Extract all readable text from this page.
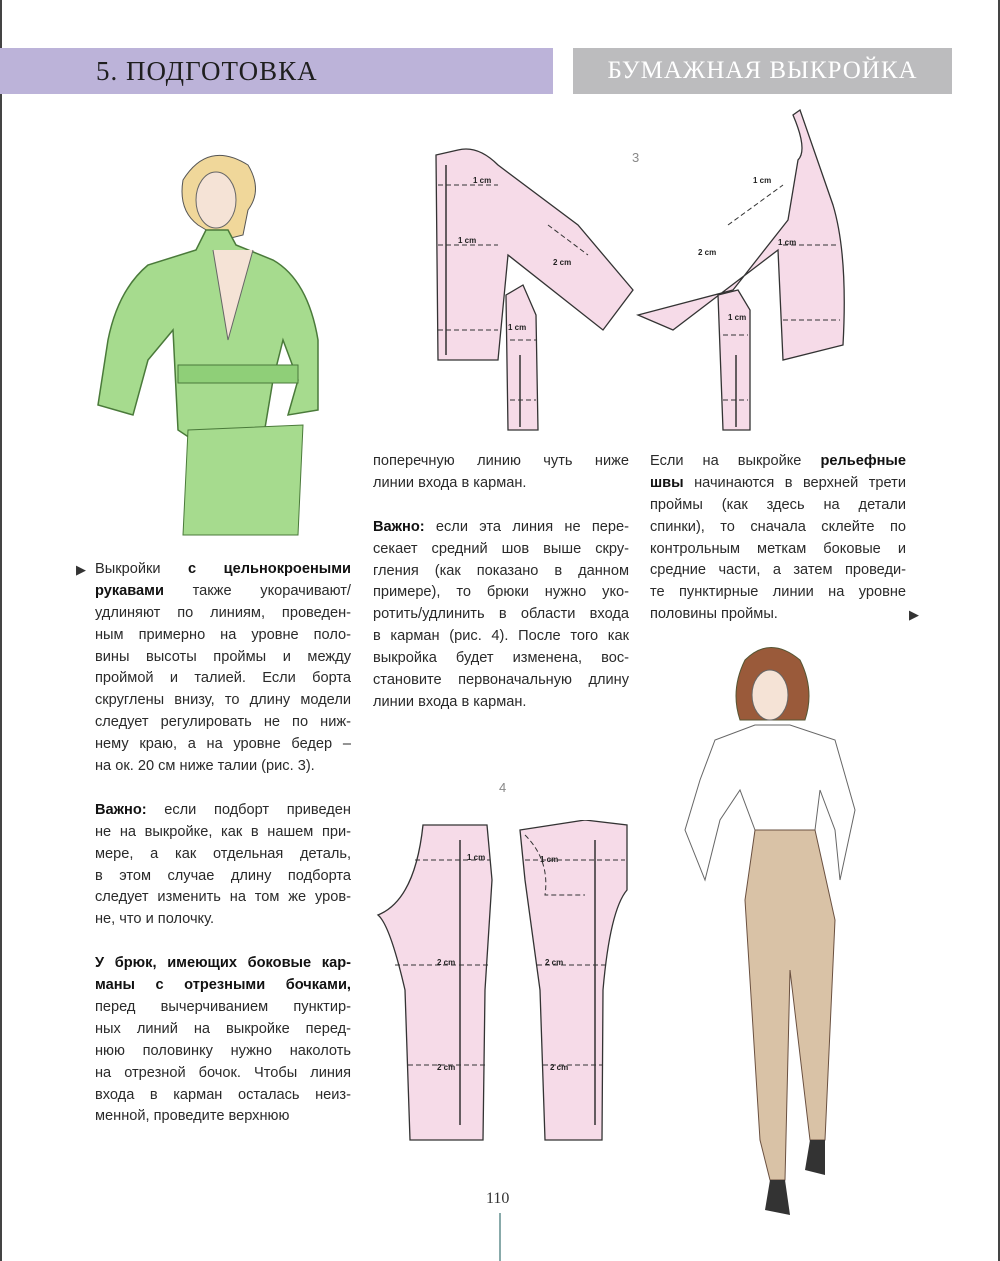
5. ПОДГОТОВКА	БУМАЖНАЯ ВЫКРОЙКА
3
1 cm
1 cm
1 cm
2 cm
1 cm
2 cm
1 cm
1 cm
▶ Выкройки с цельнокроеными
рукавами также укорачивают/
удлиняют по линиям, проведен-
ным примерно на уровне поло-
вины высоты проймы и между
проймой и талией. Если борта
скруглены внизу, то длину модели
следует регулировать не по ниж-
нему краю, а на уровне бедер –
на ок. 20 см ниже талии (рис. 3).
Важно: если подборт приведен
не на выкройке, как в нашем при-
мере, а как отдельная деталь,
в этом случае длину подборта
следует изменить на том же уров-
не, что и полочку.
У брюк, имеющих боковые кар-
маны с отрезными бочками,
перед вычерчиванием пунктир-
ных линий на выкройке перед-
нюю половинку нужно наколоть
на отрезной бочок. Чтобы линия
входа в карман осталась неиз-
менной, проведите верхнюю
поперечную линию чуть ниже
линии входа в карман.
Важно: если эта линия не пере-
секает средний шов выше скру-
гления (как показано в данном
примере), то брюки нужно уко-
ротить/удлинить в области входа
в карман (рис. 4). После того как
выкройка будет изменена, вос-
становите первоначальную длину
линии входа в карман.
Если на выкройке рельефные
швы начинаются в верхней трети
проймы (как здесь на детали
спинки), то сначала склейте по
контрольным меткам боковые и
средние части, а затем проведи-
те пунктирные линии на уровне
половины проймы.	▶
4
1 cm
2 cm
2 cm
1 cm
2 cm
2 cm
110
